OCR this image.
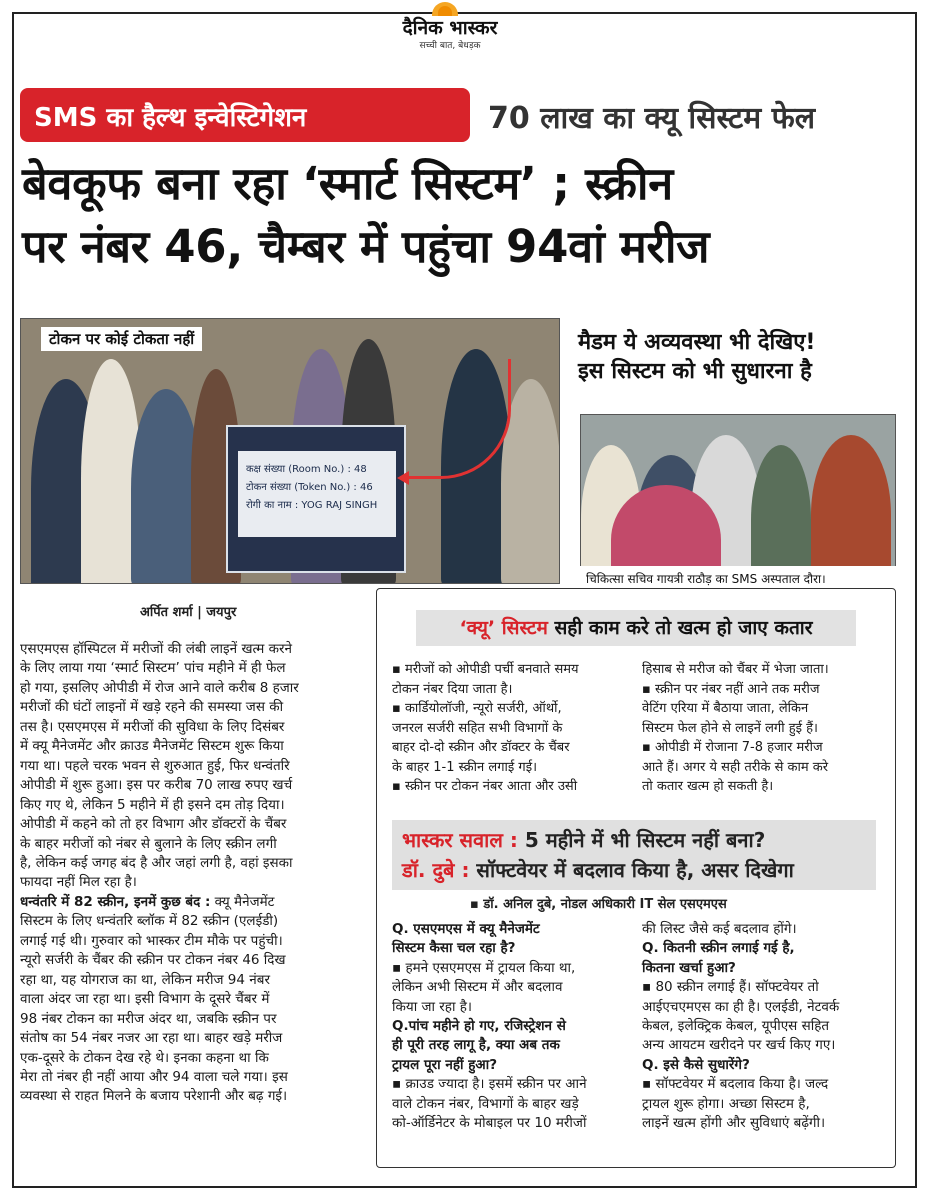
दैनिक भास्कर
सच्ची बात, बेधड़क
SMS का हैल्थ इन्वेस्टिगेशन	70 लाख का क्यू सिस्टम फेल
बेवकूफ बना रहा ‘स्मार्ट सिस्टम’ ; स्क्रीन
पर नंबर 46, चैम्बर में पहुंचा 94वां मरीज
टोकन पर कोई टोकता नहीं
कक्ष संख्या (Room No.) : 48
टोकन संख्या (Token No.) : 46
रोगी का नाम : YOG RAJ SINGH
मैडम ये अव्यवस्था भी देखिए!
इस सिस्टम को भी सुधारना है
चिकित्सा सचिव गायत्री राठौड़ का SMS अस्पताल दौरा।
अर्पित शर्मा | जयपुर

एसएमएस हॉस्पिटल में मरीजों की लंबी लाइनें खत्म करने

के लिए लाया गया ‘स्मार्ट सिस्टम’ पांच महीने में ही फेल

हो गया, इसलिए ओपीडी में रोज आने वाले करीब 8 हजार

मरीजों की घंटों लाइनों में खड़े रहने की समस्या जस की

तस है। एसएमएस में मरीजों की सुविधा के लिए दिसंबर

में क्यू मैनेजमेंट और क्राउड मैनेजमेंट सिस्टम शुरू किया

गया था। पहले चरक भवन से शुरुआत हुई, फिर धन्वंतरि

ओपीडी में शुरू हुआ। इस पर करीब 70 लाख रुपए खर्च

किए गए थे, लेकिन 5 महीने में ही इसने दम तोड़ दिया।

ओपीडी में कहने को तो हर विभाग और डॉक्टरों के चैंबर

के बाहर मरीजों को नंबर से बुलाने के लिए स्क्रीन लगी

है, लेकिन कई जगह बंद है और जहां लगी है, वहां इसका

फायदा नहीं मिल रहा है।

धन्वंतरि में 82 स्क्रीन, इनमें कुछ बंद : क्यू मैनेजमेंट

सिस्टम के लिए धन्वंतरि ब्लॉक में 82 स्क्रीन (एलईडी)

लगाई गई थी। गुरुवार को भास्कर टीम मौके पर पहुंची।

न्यूरो सर्जरी के चैंबर की स्क्रीन पर टोकन नंबर 46 दिख

रहा था, यह योगराज का था, लेकिन मरीज 94 नंबर

वाला अंदर जा रहा था। इसी विभाग के दूसरे चैंबर में

98 नंबर टोकन का मरीज अंदर था, जबकि स्क्रीन पर

संतोष का 54 नंबर नजर आ रहा था। बाहर खड़े मरीज

एक-दूसरे के टोकन देख रहे थे। इनका कहना था कि

मेरा तो नंबर ही नहीं आया और 94 वाला चले गया। इस

व्यवस्था से राहत मिलने के बजाय परेशानी और बढ़ गई।

‘क्यू’ सिस्टम सही काम करे तो खत्म हो जाए कतार

▪ मरीजों को ओपीडी पर्ची बनवाते समय

टोकन नंबर दिया जाता है।

▪ कार्डियोलॉजी, न्यूरो सर्जरी, ऑर्थो,

जनरल सर्जरी सहित सभी विभागों के

बाहर दो-दो स्क्रीन और डॉक्टर के चैंबर

के बाहर 1-1 स्क्रीन लगाई गई।

▪ स्क्रीन पर टोकन नंबर आता और उसी

हिसाब से मरीज को चैंबर में भेजा जाता।

▪ स्क्रीन पर नंबर नहीं आने तक मरीज

वेटिंग एरिया में बैठाया जाता, लेकिन

सिस्टम फेल होने से लाइनें लगी हुई हैं।

▪ ओपीडी में रोजाना 7-8 हजार मरीज

आते हैं। अगर ये सही तरीके से काम करे

तो कतार खत्म हो सकती है।

भास्कर सवाल : 5 महीने में भी सिस्टम नहीं बना?
डॉ. दुबे : सॉफ्टवेयर में बदलाव किया है, असर दिखेगा
▪ डॉ. अनिल दुबे, नोडल अधिकारी IT सेल एसएमएस

Q. एसएमएस में क्यू मैनेजमेंट

सिस्टम कैसा चल रहा है?

▪ हमने एसएमएस में ट्रायल किया था,

लेकिन अभी सिस्टम में और बदलाव

किया जा रहा है।

Q.पांच महीने हो गए, रजिस्ट्रेशन से

ही पूरी तरह लागू है, क्या अब तक

ट्रायल पूरा नहीं हुआ?

▪ क्राउड ज्यादा है। इसमें स्क्रीन पर आने

वाले टोकन नंबर, विभागों के बाहर खड़े

को-ऑर्डिनेटर के मोबाइल पर 10 मरीजों

की लिस्ट जैसे कई बदलाव होंगे।

Q. कितनी स्क्रीन लगाई गई है,

कितना खर्चा हुआ?

▪ 80 स्क्रीन लगाई हैं। सॉफ्टवेयर तो

आईएचएमएस का ही है। एलईडी, नेटवर्क

केबल, इलेक्ट्रिक केबल, यूपीएस सहित

अन्य आयटम खरीदने पर खर्च किए गए।

Q. इसे कैसे सुधारेंगे?

▪ सॉफ्टवेयर में बदलाव किया है। जल्द

ट्रायल शुरू होगा। अच्छा सिस्टम है,

लाइनें खत्म होंगी और सुविधाएं बढ़ेंगी।
